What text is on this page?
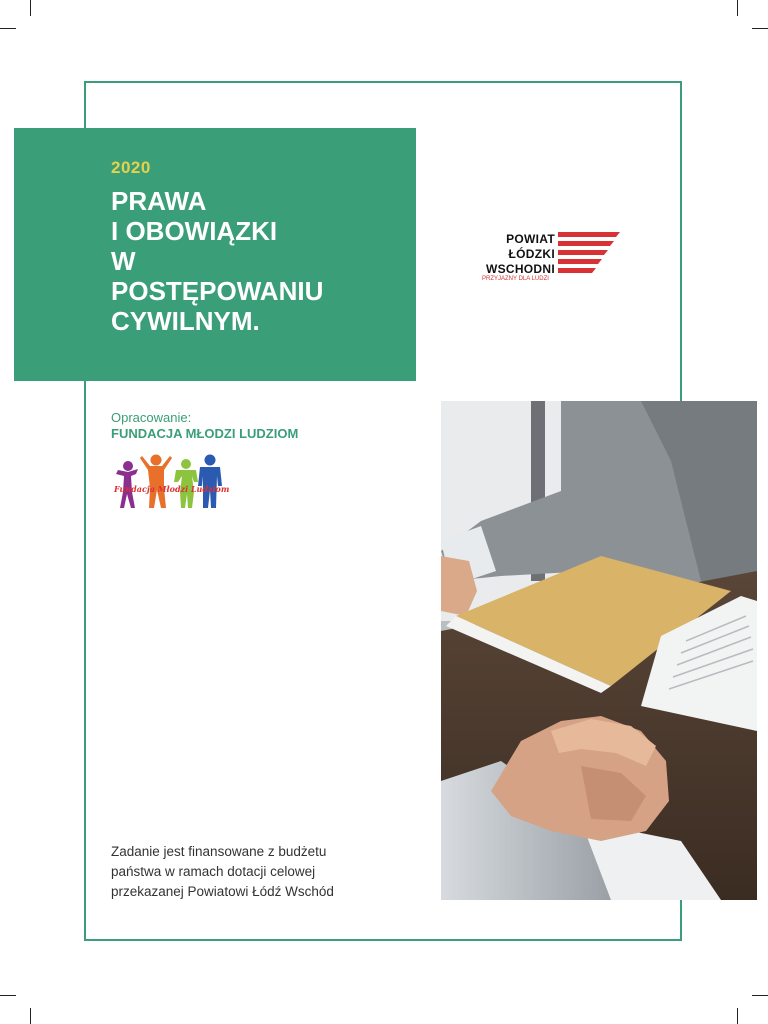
2020
PRAWA
I OBOWIĄZKI
W
POSTĘPOWANIU
CYWILNYM.
POWIAT
ŁÓDZKI
WSCHODNI
PRZYJAZNY DLA LUDZI
Opracowanie:
FUNDACJA MŁODZI LUDZIOM
Fundacja Młodzi Ludziom
Zadanie jest finansowane z budżetu
państwa w ramach dotacji celowej
przekazanej Powiatowi Łódź Wschód
